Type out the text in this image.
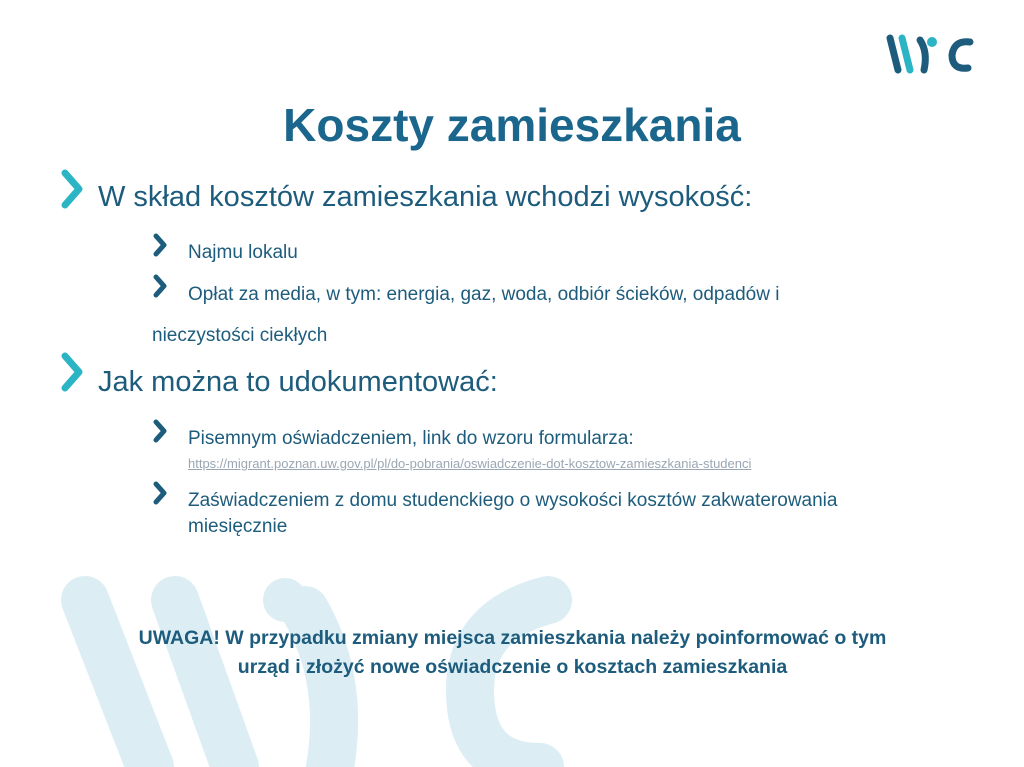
Koszty zamieszkania
W skład kosztów zamieszkania wchodzi wysokość:
Najmu lokalu
Opłat za media, w tym: energia, gaz, woda, odbiór ścieków, odpadów i
nieczystości ciekłych
Jak można to udokumentować:
Pisemnym oświadczeniem, link do wzoru formularza:
https://migrant.poznan.uw.gov.pl/pl/do-pobrania/oswiadczenie-dot-kosztow-zamieszkania-studenci
Zaświadczeniem z domu studenckiego o wysokości kosztów zakwaterowania
miesięcznie
UWAGA! W przypadku zmiany miejsca zamieszkania należy poinformować o tym
urząd i złożyć nowe oświadczenie o kosztach zamieszkania
